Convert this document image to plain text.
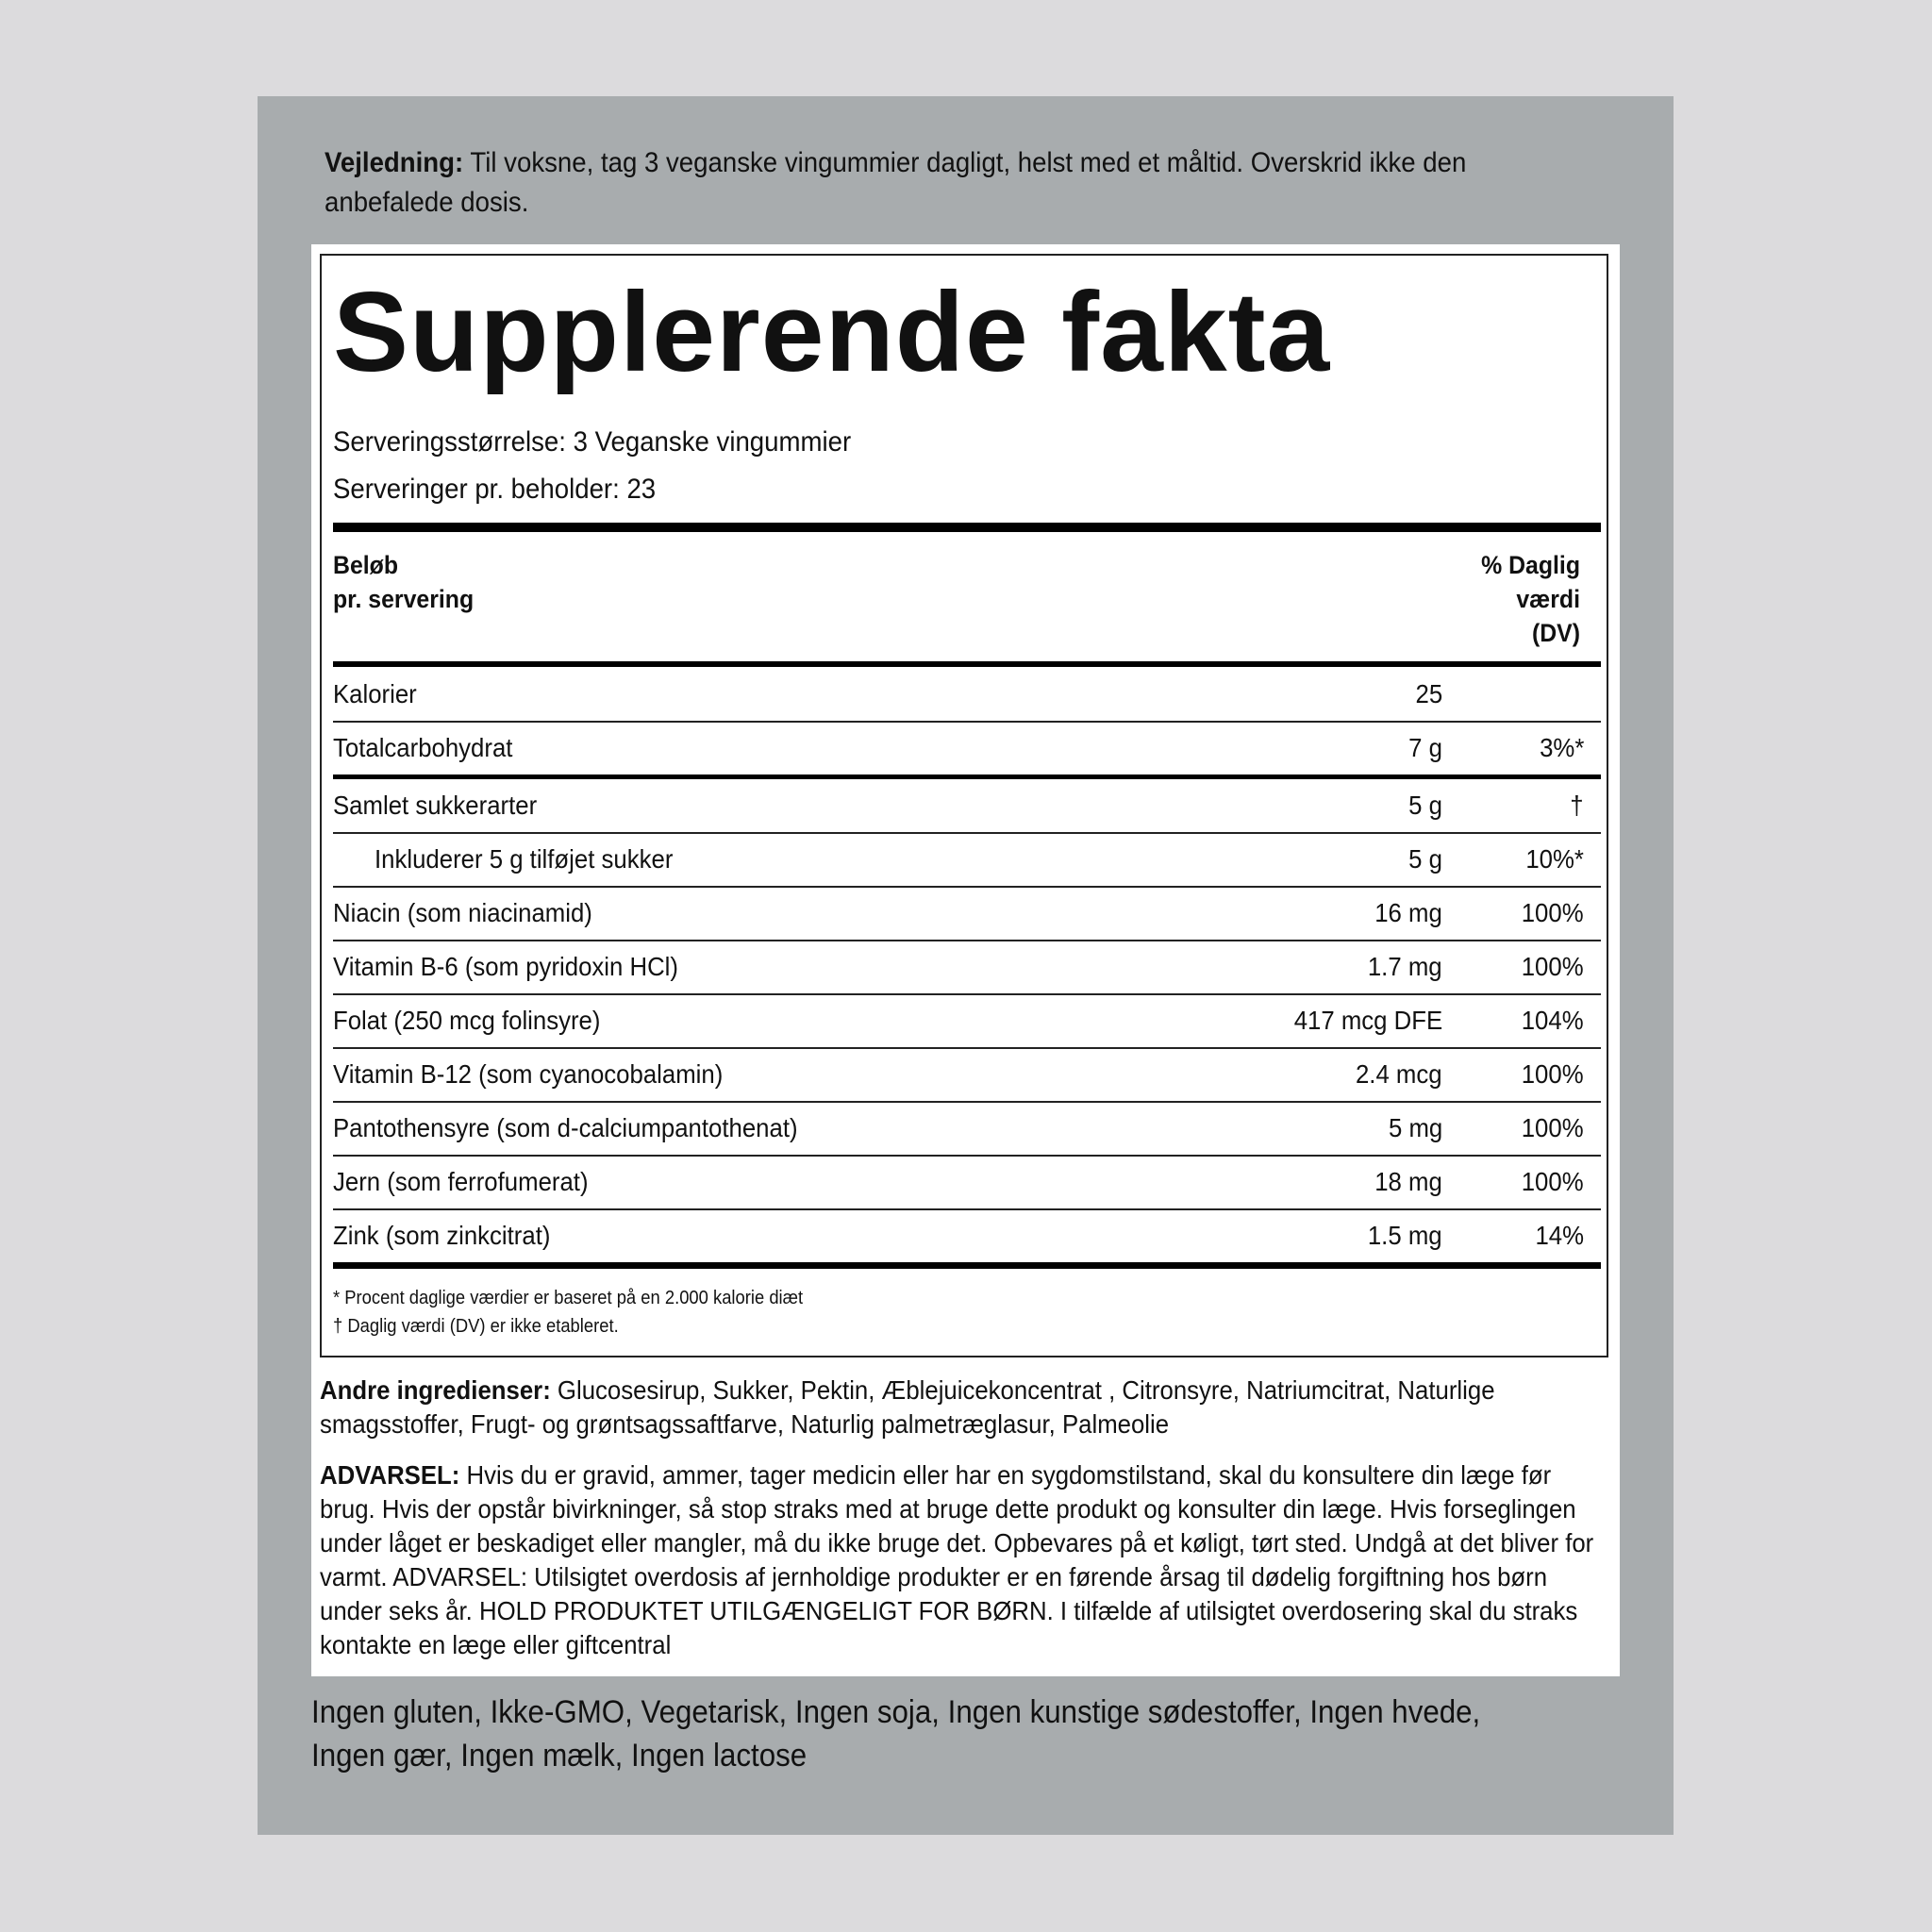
Vejledning: Til voksne, tag 3 veganske vingummier dagligt, helst med et måltid. Overskrid ikke den anbefalede dosis.
Supplerende fakta
Serveringsstørrelse: 3 Veganske vingummier
Serveringer pr. beholder: 23
Beløb
pr. servering
% Daglig
værdi
(DV)
Kalorier	25
Totalcarbohydrat	7 g	3%*
Samlet sukkerarter	5 g	†
Inkluderer 5 g tilføjet sukker	5 g	10%*
Niacin (som niacinamid)	16 mg	100%
Vitamin B-6 (som pyridoxin HCl)	1.7 mg	100%
Folat (250 mcg folinsyre)	417 mcg DFE	104%
Vitamin B-12 (som cyanocobalamin)	2.4 mcg	100%
Pantothensyre (som d-calciumpantothenat)	5 mg	100%
Jern (som ferrofumerat)	18 mg	100%
Zink (som zinkcitrat)	1.5 mg	14%
* Procent daglige værdier er baseret på en 2.000 kalorie diæt
† Daglig værdi (DV) er ikke etableret.
Andre ingredienser: Glucosesirup, Sukker, Pektin, Æblejuicekoncentrat , Citronsyre, Natriumcitrat, Naturlige smagsstoffer, Frugt- og grøntsagssaftfarve, Naturlig palmetræglasur, Palmeolie
ADVARSEL: Hvis du er gravid, ammer, tager medicin eller har en sygdomstilstand, skal du konsultere din læge før brug. Hvis der opstår bivirkninger, så stop straks med at bruge dette produkt og konsulter din læge. Hvis forseglingen under låget er beskadiget eller mangler, må du ikke bruge det. Opbevares på et køligt, tørt sted. Undgå at det bliver for varmt. ADVARSEL: Utilsigtet overdosis af jernholdige produkter er en førende årsag til dødelig forgiftning hos børn under seks år. HOLD PRODUKTET UTILGÆNGELIGT FOR BØRN. I tilfælde af utilsigtet overdosering skal du straks kontakte en læge eller giftcentral
Ingen gluten, Ikke-GMO, Vegetarisk, Ingen soja, Ingen kunstige sødestoffer, Ingen hvede, Ingen gær, Ingen mælk, Ingen lactose
